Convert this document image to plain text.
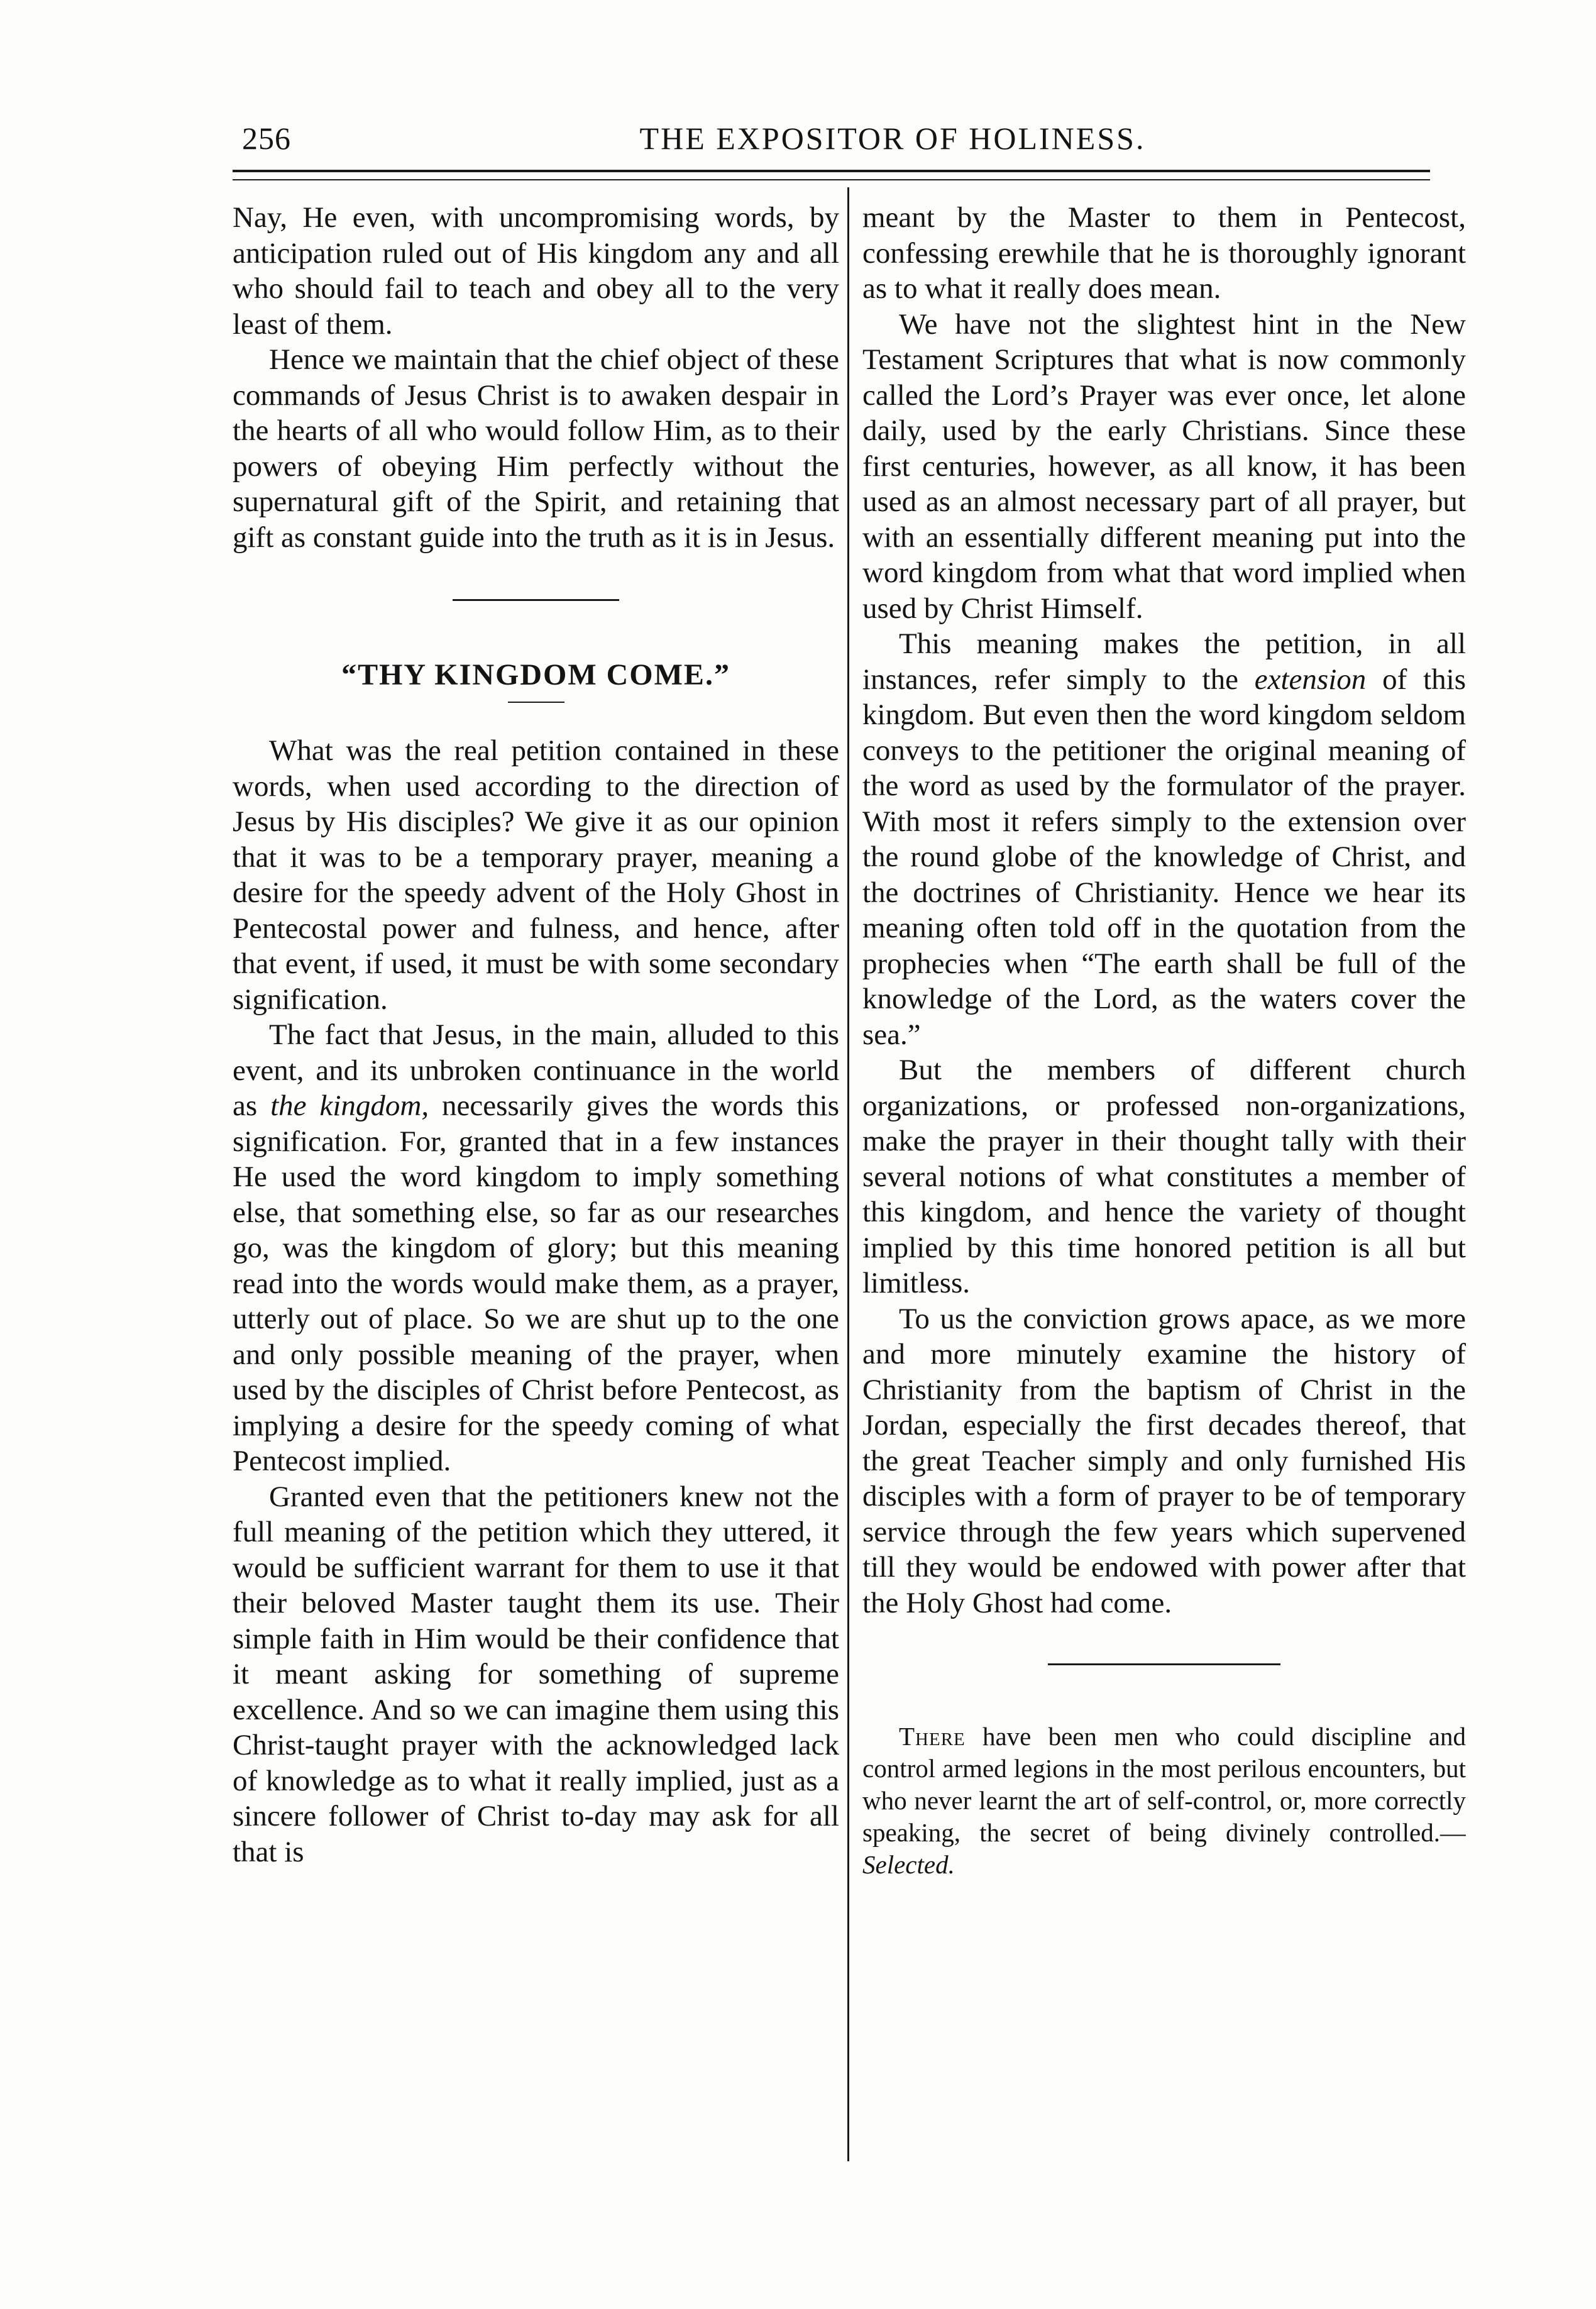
256	THE EXPOSITOR OF HOLINESS.

Nay, He even, with uncompromising words, by anticipation ruled out of His kingdom any and all who should fail to teach and obey all to the very least of them.

Hence we maintain that the chief object of these commands of Jesus Christ is to awaken despair in the hearts of all who would follow Him, as to their powers of obeying Him perfectly without the supernatural gift of the Spirit, and retaining that gift as constant guide into the truth as it is in Jesus.

“THY KINGDOM COME.”

What was the real petition contained in these words, when used according to the direction of Jesus by His disciples? We give it as our opinion that it was to be a temporary prayer, meaning a desire for the speedy advent of the Holy Ghost in Pentecostal power and fulness, and hence, after that event, if used, it must be with some secondary signification.

The fact that Jesus, in the main, alluded to this event, and its unbroken continuance in the world as the kingdom, necessarily gives the words this signification. For, granted that in a few instances He used the word kingdom to imply something else, that something else, so far as our researches go, was the kingdom of glory; but this meaning read into the words would make them, as a prayer, utterly out of place. So we are shut up to the one and only possible meaning of the prayer, when used by the disciples of Christ before Pentecost, as implying a desire for the speedy coming of what Pentecost implied.

Granted even that the petitioners knew not the full meaning of the petition which they uttered, it would be sufficient warrant for them to use it that their beloved Master taught them its use. Their simple faith in Him would be their confidence that it meant asking for something of supreme excellence. And so we can imagine them using this Christ-taught prayer with the acknowledged lack of knowledge as to what it really implied, just as a sincere follower of Christ to-day may ask for all that is

meant by the Master to them in Pentecost, confessing erewhile that he is thoroughly ignorant as to what it really does mean.

We have not the slightest hint in the New Testament Scriptures that what is now commonly called the Lord’s Prayer was ever once, let alone daily, used by the early Christians. Since these first centuries, however, as all know, it has been used as an almost necessary part of all prayer, but with an essentially different meaning put into the word kingdom from what that word implied when used by Christ Himself.

This meaning makes the petition, in all instances, refer simply to the extension of this kingdom. But even then the word kingdom seldom conveys to the petitioner the original meaning of the word as used by the formulator of the prayer. With most it refers simply to the extension over the round globe of the knowledge of Christ, and the doctrines of Christianity. Hence we hear its meaning often told off in the quotation from the prophecies when “The earth shall be full of the knowledge of the Lord, as the waters cover the sea.”

But the members of different church organizations, or professed non-organizations, make the prayer in their thought tally with their several notions of what constitutes a member of this kingdom, and hence the variety of thought implied by this time honored petition is all but limitless.

To us the conviction grows apace, as we more and more minutely examine the history of Christianity from the baptism of Christ in the Jordan, especially the first decades thereof, that the great Teacher simply and only furnished His disciples with a form of prayer to be of temporary service through the few years which supervened till they would be endowed with power after that the Holy Ghost had come.

There have been men who could discipline and control armed legions in the most perilous encounters, but who never learnt the art of self-control, or, more correctly speaking, the secret of being divinely controlled.—Selected.
